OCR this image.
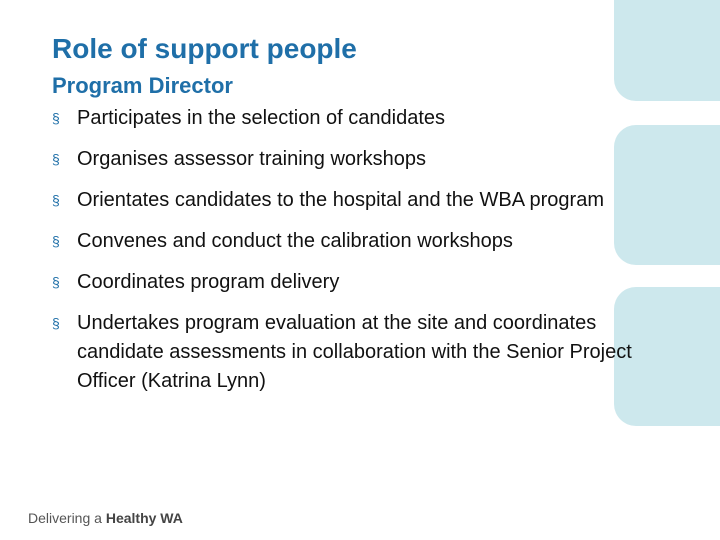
Role of support people
Program Director
§ Participates in the selection of candidates
§ Organises assessor training workshops
§ Orientates candidates to the hospital and the WBA program
§ Convenes and conduct the calibration workshops
§ Coordinates program delivery
§ Undertakes program evaluation at the site and coordinates candidate assessments in collaboration with the Senior Project Officer (Katrina Lynn)
Delivering a Healthy WA
